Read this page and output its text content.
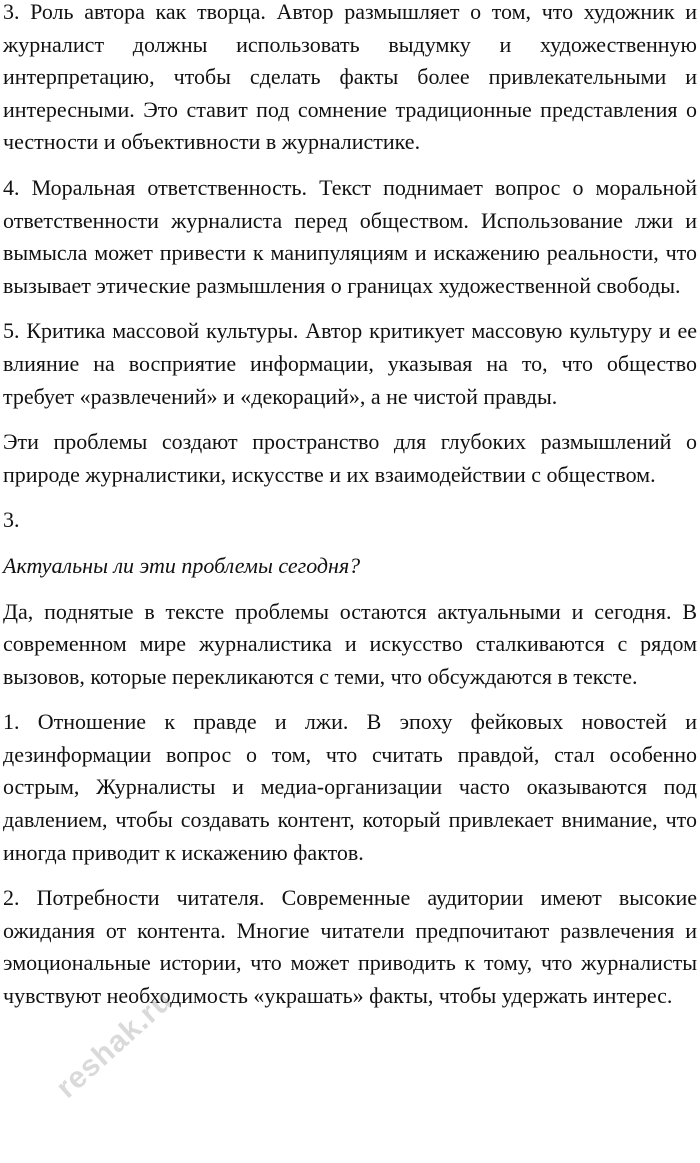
3. Роль автора как творца. Автор размышляет о том, что художник и журналист должны использовать выдумку и художественную интерпретацию, чтобы сделать факты более привлекательными и интересными. Это ставит под сомнение традиционные представления о честности и объективности в журналистике.

4. Моральная ответственность. Текст поднимает вопрос о моральной ответственности журналиста перед обществом. Использование лжи и вымысла может привести к манипуляциям и искажению реальности, что вызывает этические размышления о границах художественной свободы.

5. Критика массовой культуры. Автор критикует массовую культуру и ее влияние на восприятие информации, указывая на то, что общество требует «развлечений» и «декораций», а не чистой правды.

Эти проблемы создают пространство для глубоких размышлений о природе журналистики, искусстве и их взаимодействии с обществом.

3.

Актуальны ли эти проблемы сегодня?

Да, поднятые в тексте проблемы остаются актуальными и сегодня. В современном мире журналистика и искусство сталкиваются с рядом вызовов, которые перекликаются с теми, что обсуждаются в тексте.

1. Отношение к правде и лжи. В эпоху фейковых новостей и дезинформации вопрос о том, что считать правдой, стал особенно острым, Журналисты и медиа-организации часто оказываются под давлением, чтобы создавать контент, который привлекает внимание, что иногда приводит к искажению фактов.

2. Потребности читателя. Современные аудитории имеют высокие ожидания от контента. Многие читатели предпочитают развлечения и эмоциональные истории, что может приводить к тому, что журналисты чувствуют необходимость «украшать» факты, чтобы удержать интерес.

reshak.ru
